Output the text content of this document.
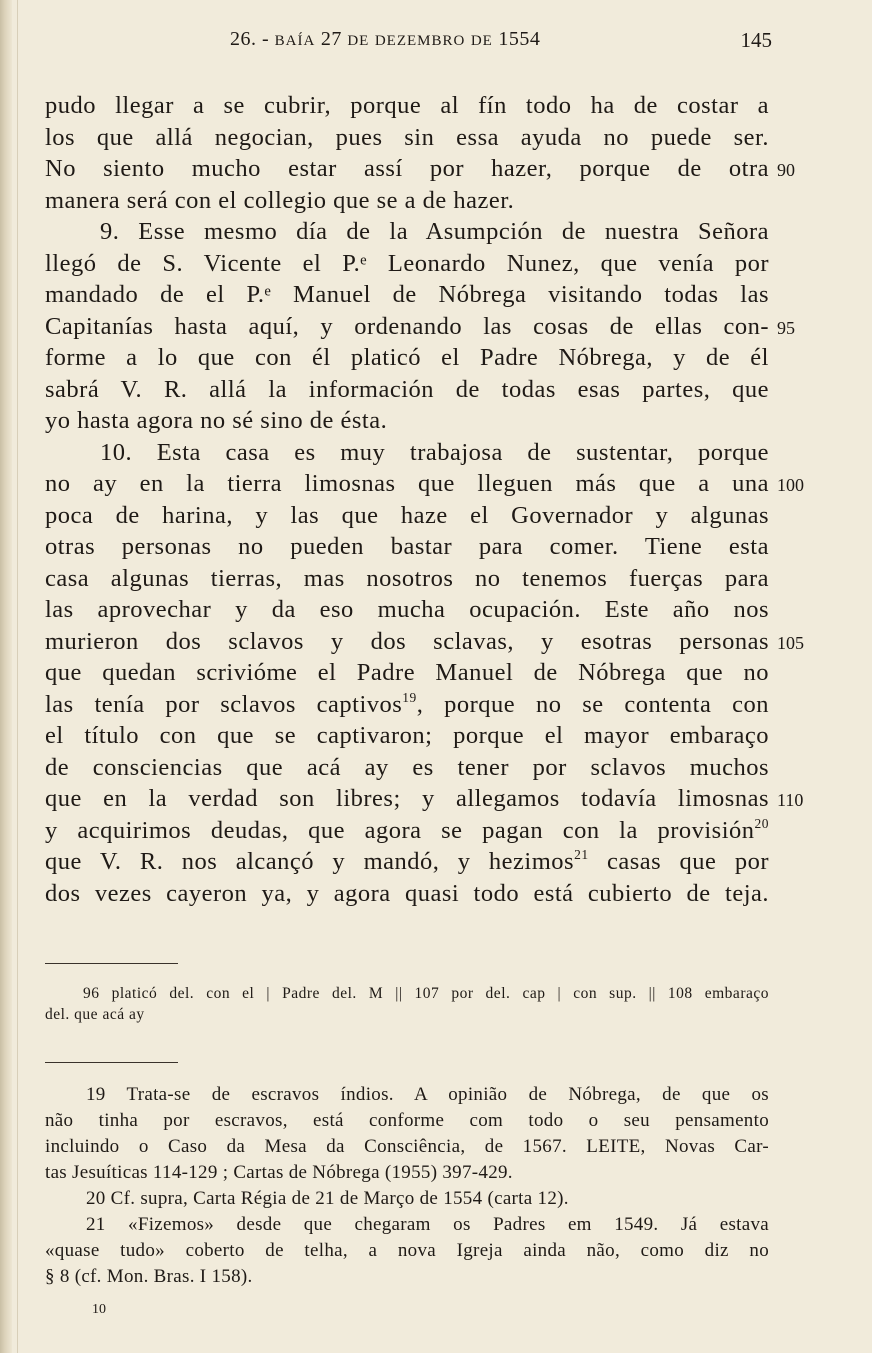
26. - BAÍA 27 DE DEZEMBRO DE 1554	145
pudo llegar a se cubrir, porque al fín todo ha de costar a
los que allá negocian, pues sin essa ayuda no puede ser.
No siento mucho estar assí por hazer, porque de otra 90
manera será con el collegio que se a de hazer.
9. Esse mesmo día de la Asumpción de nuestra Señora
llegó de S. Vicente el P.ᵉ Leonardo Nunez, que venía por
mandado de el P.ᵉ Manuel de Nóbrega visitando todas las
Capitanías hasta aquí, y ordenando las cosas de ellas con- 95
forme a lo que con él platicó el Padre Nóbrega, y de él
sabrá V. R. allá la información de todas esas partes, que
yo hasta agora no sé sino de ésta.
10. Esta casa es muy trabajosa de sustentar, porque
no ay en la tierra limosnas que lleguen más que a una 100
poca de harina, y las que haze el Governador y algunas
otras personas no pueden bastar para comer. Tiene esta
casa algunas tierras, mas nosotros no tenemos fuerças para
las aprovechar y da eso mucha ocupación. Este año nos
murieron dos sclavos y dos sclavas, y esotras personas 105
que quedan scrivióme el Padre Manuel de Nóbrega que no
las tenía por sclavos captivos$^{19}$, porque no se contenta con
el título con que se captivaron; porque el mayor embaraço
de consciencias que acá ay es tener por sclavos muchos
que en la verdad son libres; y allegamos todavía limosnas 110
y acquirimos deudas, que agora se pagan con la provisión$^{20}$
que V. R. nos alcançó y mandó, y hezimos$^{21}$ casas que por
dos vezes cayeron ya, y agora quasi todo está cubierto de teja.
96 platicó del. con el | Padre del. M || 107 por del. cap | con sup. || 108 embaraço
del. que acá ay
19 Trata-se de escravos índios. A opinião de Nóbrega, de que os
não tinha por escravos, está conforme com todo o seu pensamento
incluindo o Caso da Mesa da Consciência, de 1567. LEITE, Novas Car-
tas Jesuíticas 114-129 ; Cartas de Nóbrega (1955) 397-429.
20 Cf. supra, Carta Régia de 21 de Março de 1554 (carta 12).
21 «Fizemos» desde que chegaram os Padres em 1549. Já estava
«quase tudo» coberto de telha, a nova Igreja ainda não, como diz no
§ 8 (cf. Mon. Bras. I 158).
10
